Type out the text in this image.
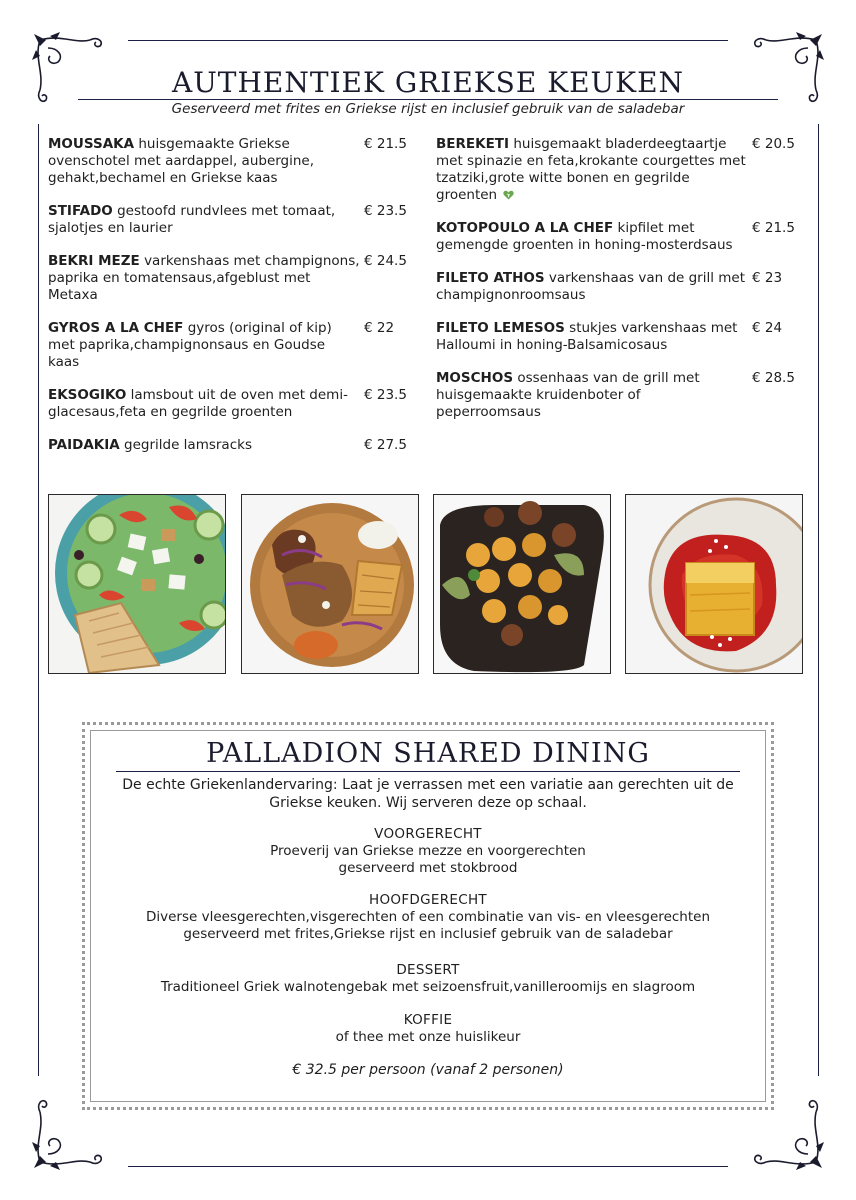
AUTHENTIEK GRIEKSE KEUKEN
Geserveerd met frites en Griekse rijst en inclusief gebruik van de saladebar
MOUSSAKA huisgemaakte Griekse ovenschotel met aardappel, aubergine, gehakt,bechamel en Griekse kaas
€ 21.5
STIFADO gestoofd rundvlees met tomaat, sjalotjes en laurier
€ 23.5
BEKRI MEZE varkenshaas met champignons, paprika en tomatensaus,afgeblust met Metaxa
€ 24.5
GYROS A LA CHEF gyros (original of kip) met paprika,champignonsaus en Goudse kaas
€ 22
EKSOGIKO lamsbout uit de oven met demi-glacesaus,feta en gegrilde groenten
€ 23.5
PAIDAKIA gegrilde lamsracks	€ 27.5
BEREKETI huisgemaakt bladerdeegtaartje met spinazie en feta,krokante courgettes met tzatziki,grote witte bonen en gegrilde groenten
€ 20.5
KOTOPOULO A LA CHEF kipfilet met gemengde groenten in honing-mosterdsaus
€ 21.5
FILETO ATHOS varkenshaas van de grill met champignonroomsaus
€ 23
FILETO LEMESOS stukjes varkenshaas met Halloumi in honing-Balsamicosaus
€ 24
MOSCHOS ossenhaas van de grill met huisgemaakte kruidenboter of peperroomsaus
€ 28.5
PALLADION SHARED DINING
De echte Griekenlandervaring: Laat je verrassen met een variatie aan gerechten uit de Griekse keuken. Wij serveren deze op schaal.
VOORGERECHT
Proeverij van Griekse mezze en voorgerechten
geserveerd met stokbrood
HOOFDGERECHT
Diverse vleesgerechten,visgerechten of een combinatie van vis- en vleesgerechten
geserveerd met frites,Griekse rijst en inclusief gebruik van de saladebar
DESSERT
Traditioneel Griek walnotengebak met seizoensfruit,vanilleroomijs en slagroom
KOFFIE
of thee met onze huislikeur
€ 32.5 per persoon (vanaf 2 personen)
